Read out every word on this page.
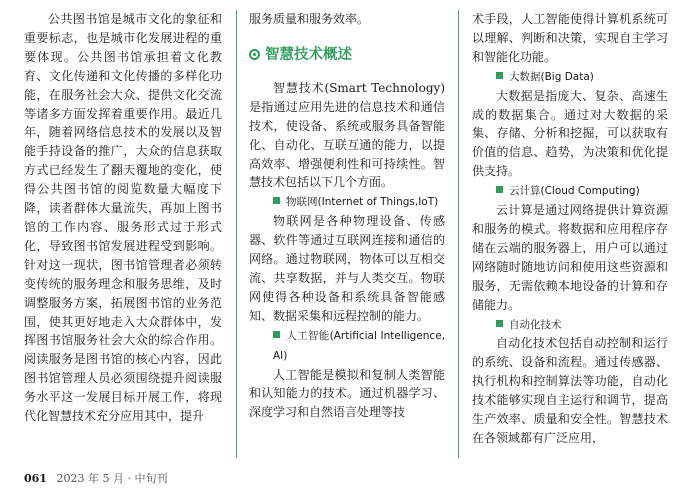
公共图书馆是城市文化的象征和重要标志，也是城市化发展进程的重要体现。公共图书馆承担着文化教育、文化传递和文化传播的多样化功能，在服务社会大众、提供文化交流等诸多方面发挥着重要作用。最近几年，随着网络信息技术的发展以及智能手持设备的推广，大众的信息获取方式已经发生了翻天覆地的变化，使得公共图书馆的阅览数量大幅度下降，读者群体大量流失，再加上图书馆的工作内容、服务形式过于形式化，导致图书馆发展进程受到影响。针对这一现状，图书馆管理者必须转变传统的服务理念和服务思维，及时调整服务方案，拓展图书馆的业务范围，使其更好地走入大众群体中，发挥图书馆服务社会大众的综合作用。阅读服务是图书馆的核心内容，因此图书馆管理人员必须围绕提升阅读服务水平这一发展目标开展工作，将现代化智慧技术充分应用其中，提升

服务质量和服务效率。

智慧技术概述

智慧技术(Smart Technology)是指通过应用先进的信息技术和通信技术，使设备、系统或服务具备智能化、自动化、互联互通的能力，以提高效率、增强便利性和可持续性。智慧技术包括以下几个方面。

物联网(Internet of Things,IoT)

物联网是各种物理设备、传感器、软件等通过互联网连接和通信的网络。通过物联网，物体可以互相交流、共享数据，并与人类交互。物联网使得各种设备和系统具备智能感知、数据采集和远程控制的能力。

人工智能(Artificial Intelligence, AI)

人工智能是模拟和复制人类智能和认知能力的技术。通过机器学习、深度学习和自然语言处理等技

术手段，人工智能使得计算机系统可以理解、判断和决策，实现自主学习和智能化功能。

大数据(Big Data)

大数据是指庞大、复杂、高速生成的数据集合。通过对大数据的采集、存储、分析和挖掘，可以获取有价值的信息、趋势，为决策和优化提供支持。

云计算(Cloud Computing)

云计算是通过网络提供计算资源和服务的模式。将数据和应用程序存储在云端的服务器上，用户可以通过网络随时随地访问和使用这些资源和服务，无需依赖本地设备的计算和存储能力。

自动化技术

自动化技术包括自动控制和运行的系统、设备和流程。通过传感器、执行机构和控制算法等功能，自动化技术能够实现自主运行和调节，提高生产效率、质量和安全性。智慧技术在各领域都有广泛应用，

061 2023 年 5 月 · 中旬刊
